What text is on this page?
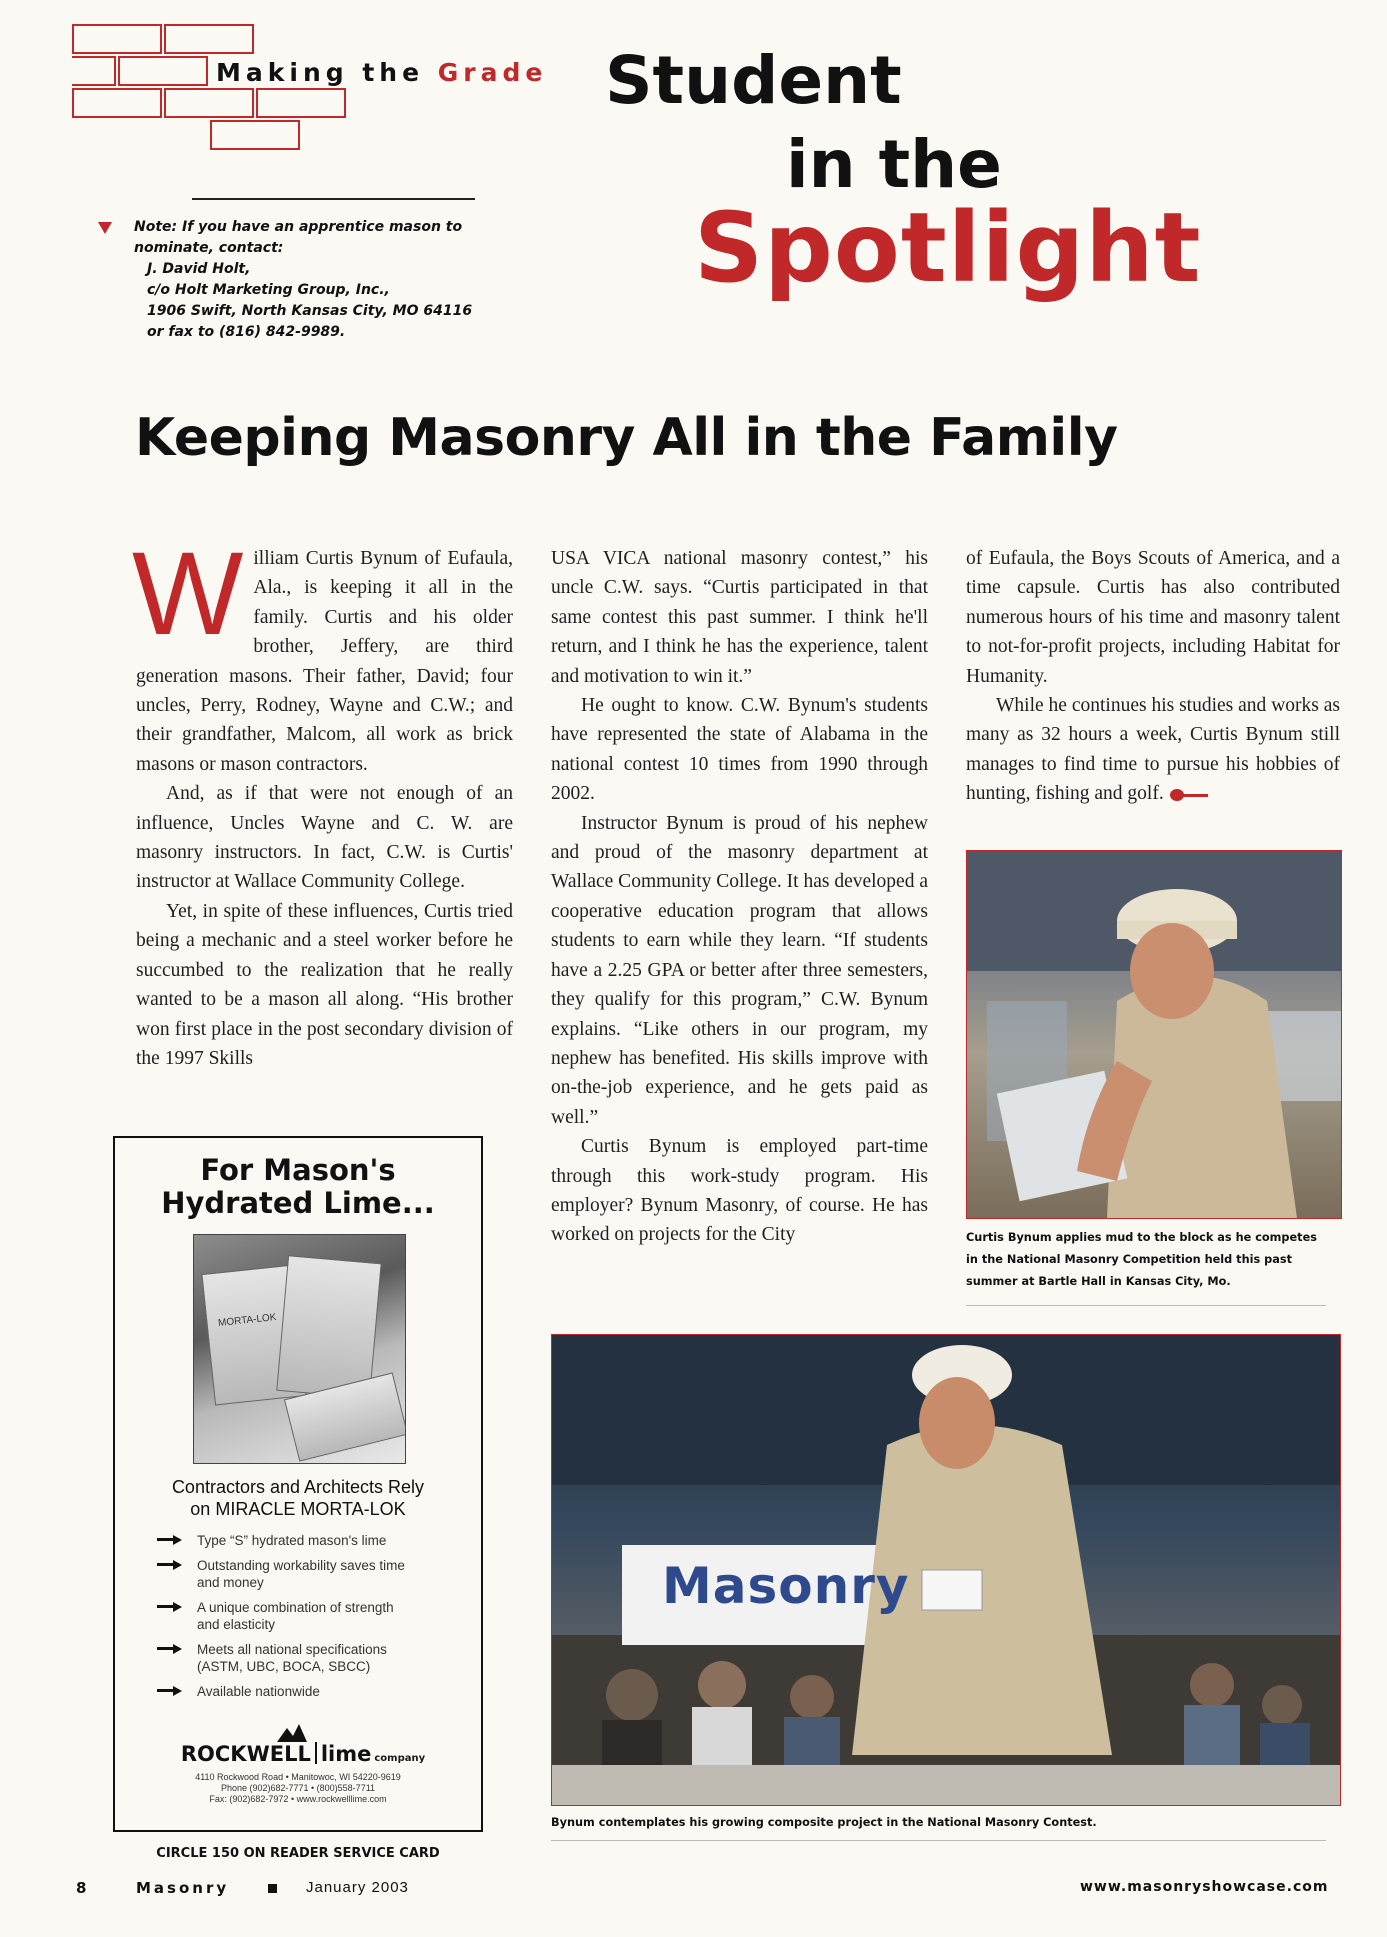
Making the Grade Student
in the
Spotlight
Note: If you have an apprentice mason to
nominate, contact:
J. David Holt,
c/o Holt Marketing Group, Inc.,
1906 Swift, North Kansas City, MO 64116
or fax to (816) 842-9989.
Keeping Masonry All in the Family

William Curtis Bynum of Eufaula, Ala., is keeping it all in the family. Curtis and his older brother, Jeffery, are third generation masons. Their father, David; four uncles, Perry, Rodney, Wayne and C.W.; and their grandfather, Malcom, all work as brick masons or mason contractors.

And, as if that were not enough of an influence, Uncles Wayne and C. W. are masonry instructors. In fact, C.W. is Curtis' instructor at Wallace Community College.

Yet, in spite of these influences, Curtis tried being a mechanic and a steel worker before he succumbed to the realization that he really wanted to be a mason all along. “His brother won first place in the post secondary division of the 1997 Skills

USA VICA national masonry contest,” his uncle C.W. says. “Curtis participated in that same contest this past summer. I think he'll return, and I think he has the experience, talent and motivation to win it.”

He ought to know. C.W. Bynum's students have represented the state of Alabama in the national contest 10 times from 1990 through 2002.

Instructor Bynum is proud of his nephew and proud of the masonry department at Wallace Community College. It has developed a cooperative education program that allows students to earn while they learn. “If students have a 2.25 GPA or better after three semesters, they qualify for this program,” C.W. Bynum explains. “Like others in our program, my nephew has benefited. His skills improve with on-the-job experience, and he gets paid as well.”

Curtis Bynum is employed part-time through this work-study program. His employer? Bynum Masonry, of course. He has worked on projects for the City

of Eufaula, the Boys Scouts of America, and a time capsule. Curtis has also contributed numerous hours of his time and masonry talent to not-for-profit projects, including Habitat for Humanity.

While he continues his studies and works as many as 32 hours a week, Curtis Bynum still manages to find time to pursue his hobbies of hunting, fishing and golf.

Curtis Bynum applies mud to the block as he competes
in the National Masonry Competition held this past
summer at Bartle Hall in Kansas City, Mo.
Masonry
Bynum contemplates his growing composite project in the National Masonry Contest.
For Mason's
Hydrated Lime...
MORTA-LOK
Contractors and Architects Rely
on MIRACLE MORTA-LOK
Type “S” hydrated mason's lime
Outstanding workability saves time
and money
A unique combination of strength
and elasticity
Meets all national specifications
(ASTM, UBC, BOCA, SBCC)
Available nationwide
ROCKWELL lime company
4110 Rockwood Road • Manitowoc, WI 54220-9619
Phone (902)682-7771 • (800)558-7711
Fax: (902)682-7972 • www.rockwelllime.com
CIRCLE 150 ON READER SERVICE CARD
8	Masonry	January 2003	www.masonryshowcase.com
